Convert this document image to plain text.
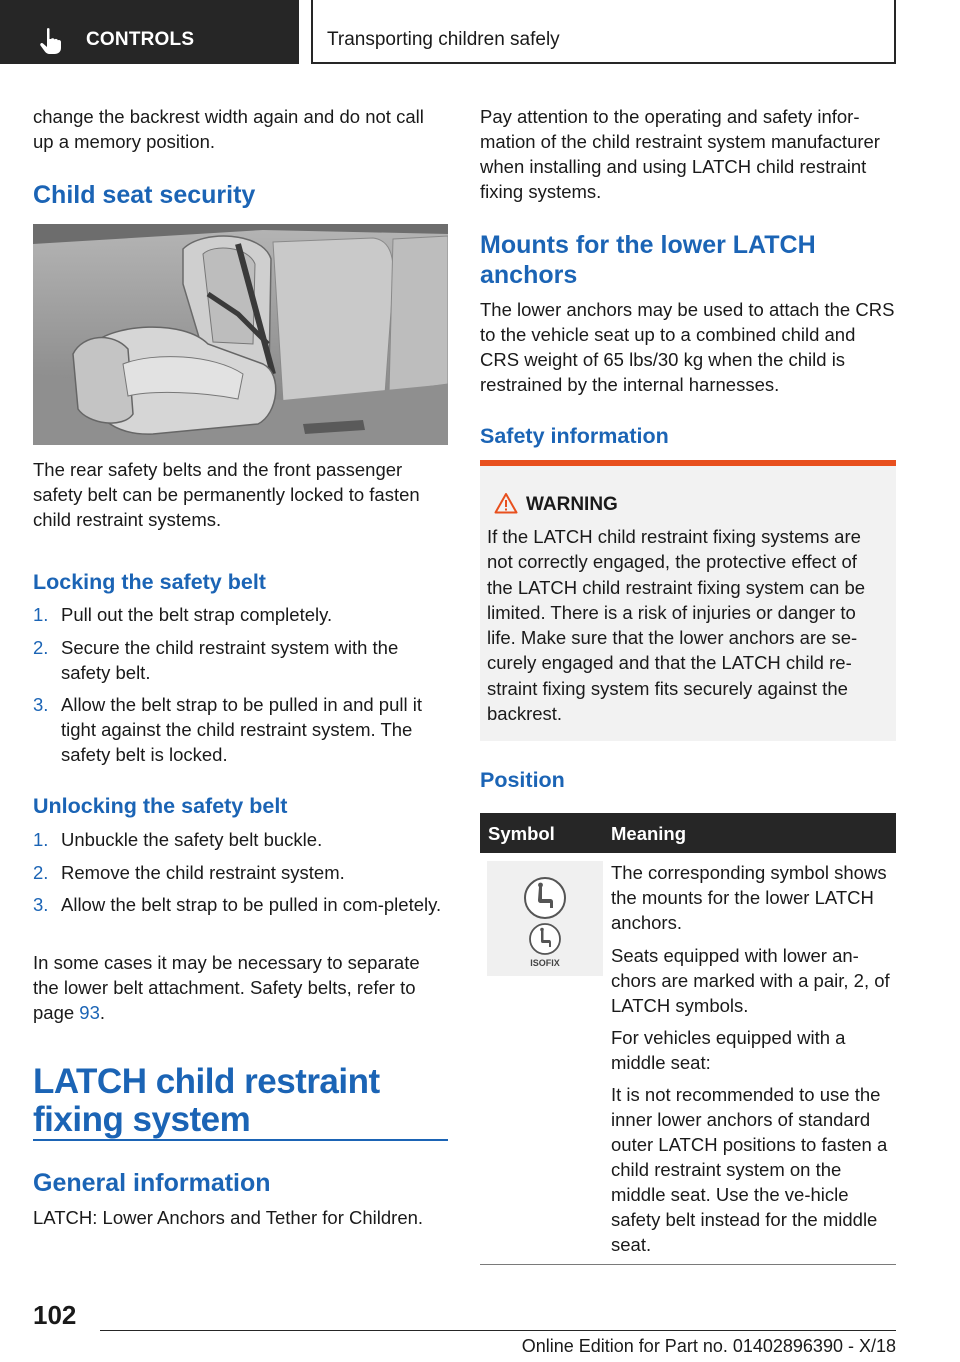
CONTROLS	Transporting children safely
change the backrest width again and do not call up a memory position.
Child seat security
The rear safety belts and the front passenger safety belt can be permanently locked to fasten child restraint systems.
Locking the safety belt
1. Pull out the belt strap completely.
2. Secure the child restraint system with the safety belt.
3. Allow the belt strap to be pulled in and pull it tight against the child restraint system. The safety belt is locked.
Unlocking the safety belt
1. Unbuckle the safety belt buckle.
2. Remove the child restraint system.
3. Allow the belt strap to be pulled in com‐pletely.
In some cases it may be necessary to separate the lower belt attachment. Safety belts, refer to page 93.
LATCH child restraint fixing system
General information
LATCH: Lower Anchors and Tether for Children.
Pay attention to the operating and safety infor‐mation of the child restraint system manufacturer when installing and using LATCH child restraint fixing systems.
Mounts for the lower LATCH anchors
The lower anchors may be used to attach the CRS to the vehicle seat up to a combined child and CRS weight of 65 lbs/30 kg when the child is restrained by the internal harnesses.
Safety information
WARNING
If the LATCH child restraint fixing systems are not correctly engaged, the protective effect of the LATCH child restraint fixing system can be limited. There is a risk of injuries or danger to life. Make sure that the lower anchors are se‐curely engaged and that the LATCH child re‐straint fixing system fits securely against the backrest.
Position
Symbol	Meaning
ISOFIX
The corresponding symbol shows the mounts for the lower LATCH anchors.
Seats equipped with lower an‐chors are marked with a pair, 2, of LATCH symbols.
For vehicles equipped with a middle seat:
It is not recommended to use the inner lower anchors of standard outer LATCH positions to fasten a child restraint system on the middle seat. Use the ve‐hicle safety belt instead for the middle seat.
102
Online Edition for Part no. 01402896390 - X/18
